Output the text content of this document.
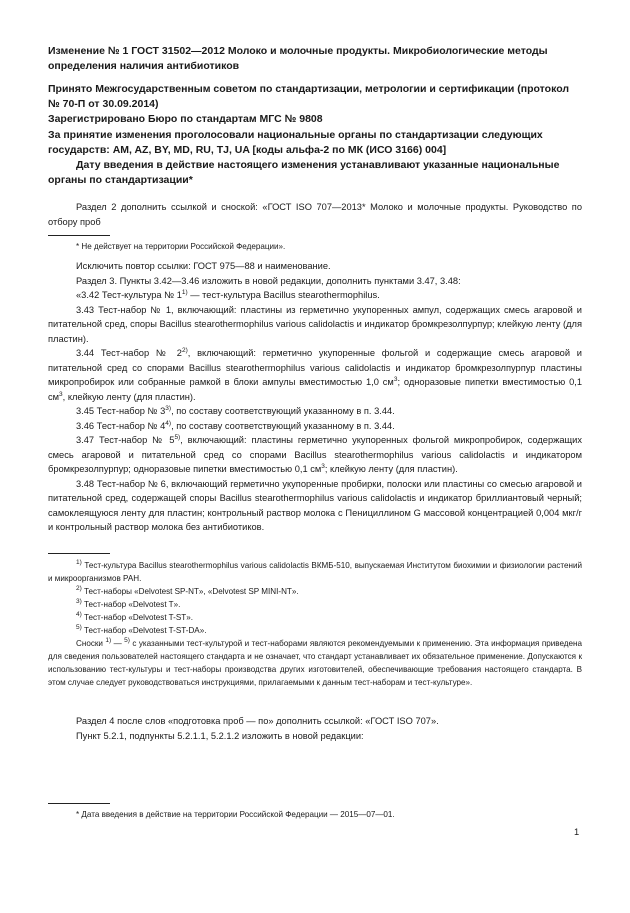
Изменение № 1 ГОСТ 31502—2012 Молоко и молочные продукты. Микробиологические методы определения наличия антибиотиков

Принято Межгосударственным советом по стандартизации, метрологии и сертификации (протокол № 70-П от 30.09.2014)

Зарегистрировано Бюро по стандартам МГС № 9808

За принятие изменения проголосовали национальные органы по стандартизации следующих государств: AM, AZ, BY, MD, RU, TJ, UA [коды альфа-2 по МК (ИСО 3166) 004]

Дату введения в действие настоящего изменения устанавливают указанные национальные органы по стандартизации*

Раздел 2 дополнить ссылкой и сноской: «ГОСТ ISO 707—2013* Молоко и молочные продукты. Руководство по отбору проб

* Не действует на территории Российской Федерации».

Исключить повтор ссылки: ГОСТ 975—88 и наименование.

Раздел 3. Пункты 3.42—3.46 изложить в новой редакции, дополнить пунктами 3.47, 3.48:

«3.42 Тест-культура № 1$^{1)}$ — тест-культура Bacillus stearothermophilus.

3.43 Тест-набор № 1, включающий: пластины из герметично укупоренных ампул, содержащих смесь агаровой и питательной сред, споры Bacillus stearothermophilus various calidolactis и индикатор бромкрезолпурпур; клейкую ленту (для пластин).

3.44 Тест-набор № 2$^{2)}$, включающий: герметично укупоренные фольгой и содержащие смесь агаровой и питательной сред со спорами Bacillus stearothermophilus various calidolactis и индикатор бромкрезолпурпур пластины микропробирок или собранные рамкой в блоки ампулы вместимостью 1,0 $см^3$; одноразовые пипетки вместимостью 0,1 $см^3$, клейкую ленту (для пластин).

3.45 Тест-набор № 3$^{3)}$, по составу соответствующий указанному в п. 3.44.

3.46 Тест-набор № 4$^{4)}$, по составу соответствующий указанному в п. 3.44.

3.47 Тест-набор № 5$^{5)}$, включающий: пластины герметично укупоренных фольгой микропробирок, содержащих смесь агаровой и питательной сред со спорами Bacillus stearothermophilus various calidolactis и индикатором бромкрезолпурпур; одноразовые пипетки вместимостью 0,1 $см^3$; клейкую ленту (для пластин).

3.48 Тест-набор № 6, включающий герметично укупоренные пробирки, полоски или пластины со смесью агаровой и питательной сред, содержащей споры Bacillus stearothermophilus various calidolactis и индикатор бриллиантовый черный; самоклеящуюся ленту для пластин; контрольный раствор молока с Пенициллином G массовой концентрацией 0,004 мкг/г и контрольный раствор молока без антибиотиков.

$^{1)}$ Тест-культура Bacillus stearothermophilus various calidolactis ВКМБ-510, выпускаемая Институтом биохимии и физиологии растений и микроорганизмов РАН.

$^{2)}$ Тест-наборы «Delvotest SP-NT», «Delvotest SP MINI-NT».

$^{3)}$ Тест-набор «Delvotest T».

$^{4)}$ Тест-набор «Delvotest T-ST».

$^{5)}$ Тест-набор «Delvotest T-ST-DA».

Сноски $^{1)}$ — $^{5)}$ с указанными тест-культурой и тест-наборами являются рекомендуемыми к применению. Эта информация приведена для сведения пользователей настоящего стандарта и не означает, что стандарт устанавливает их обязательное применение. Допускаются к использованию тест-культуры и тест-наборы производства других изготовителей, обеспечивающие требования настоящего стандарта. В этом случае следует руководствоваться инструкциями, прилагаемыми к данным тест-наборам и тест-культуре».

Раздел 4 после слов «подготовка проб — по» дополнить ссылкой: «ГОСТ ISO 707».

Пункт 5.2.1, подпункты 5.2.1.1, 5.2.1.2 изложить в новой редакции:

* Дата введения в действие на территории Российской Федерации — 2015—07—01.

1
